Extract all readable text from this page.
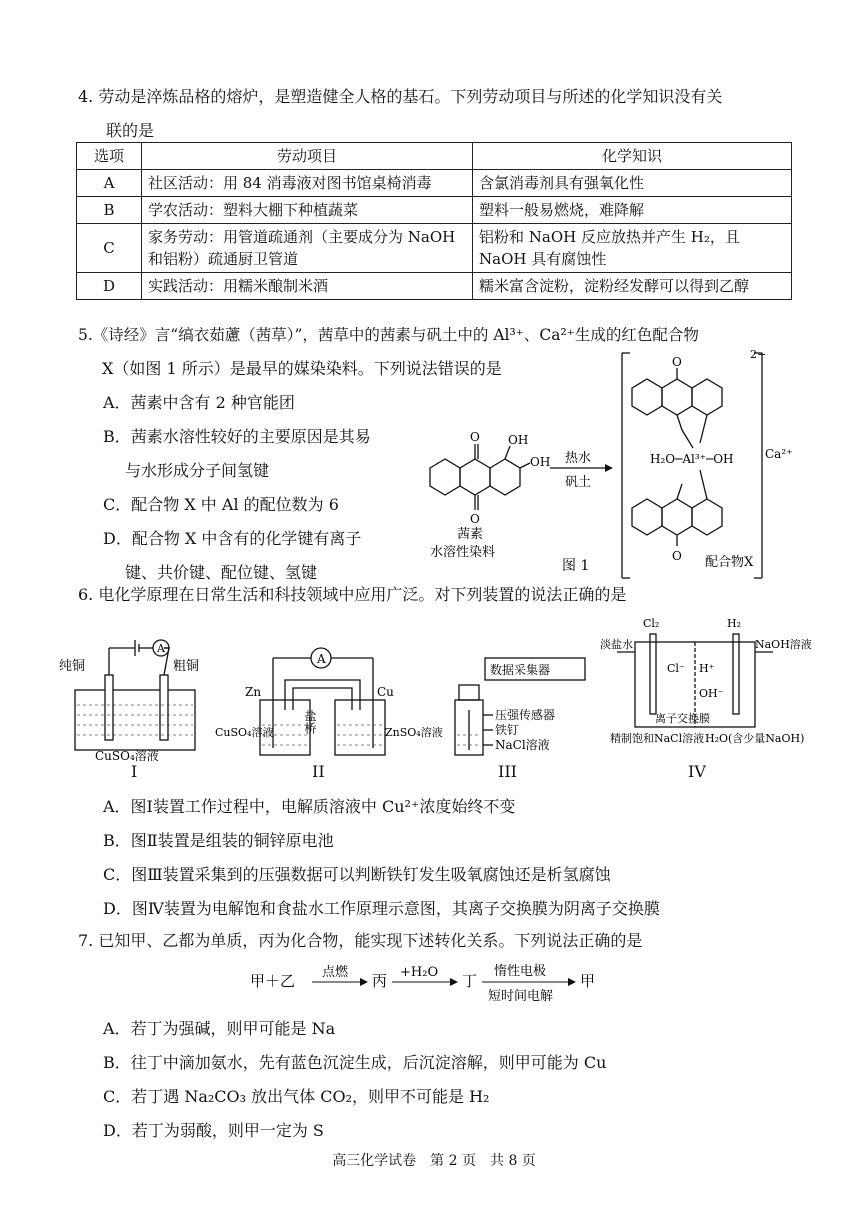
4. 劳动是淬炼品格的熔炉，是塑造健全人格的基石。下列劳动项目与所述的化学知识没有关
联的是
选项	劳动项目	化学知识
A	社区活动：用 84 消毒液对图书馆桌椅消毒	含氯消毒剂具有强氧化性
B	学农活动：塑料大棚下种植蔬菜	塑料一般易燃烧，难降解
C	家务劳动：用管道疏通剂（主要成分为 NaOH 和铝粉）疏通厨卫管道	铝粉和 NaOH 反应放热并产生 H₂，且 NaOH 具有腐蚀性
D	实践活动：用糯米酿制米酒	糯米富含淀粉，淀粉经发酵可以得到乙醇
5.《诗经》言“缟衣茹藘（茜草）”，茜草中的茜素与矾土中的 Al³⁺、Ca²⁺生成的红色配合物
X（如图 1 所示）是最早的媒染染料。下列说法错误的是
A．茜素中含有 2 种官能团
B．茜素水溶性较好的主要原因是其易
与水形成分子间氢键
C．配合物 X 中 Al 的配位数为 6
D．配合物 X 中含有的化学键有离子
键、共价键、配位键、氢键
O
O
OH
OH
茜素
水溶性染料
热水
矾土
O
O
H₂O─Al³⁺─OH
2−
Ca²⁺
图 1	配合物X
6. 电化学原理在日常生活和科技领域中应用广泛。对下列装置的说法正确的是
A
纯铜	粗铜
CuSO₄溶液
I
A
Zn	Cu
盐桥
CuSO₄溶液	ZnSO₄溶液
II
数据采集器
压强传感器
铁钉
NaCl溶液
III
Cl₂	H₂
淡盐水	NaOH溶液
Cl⁻ H⁺
OH⁻
离子交换膜
精制饱和NaCl溶液 H₂O(含少量NaOH)
IV
A．图Ⅰ装置工作过程中，电解质溶液中 Cu²⁺浓度始终不变
B．图Ⅱ装置是组装的铜锌原电池
C．图Ⅲ装置采集到的压强数据可以判断铁钉发生吸氧腐蚀还是析氢腐蚀
D．图Ⅳ装置为电解饱和食盐水工作原理示意图，其离子交换膜为阴离子交换膜
7. 已知甲、乙都为单质，丙为化合物，能实现下述转化关系。下列说法正确的是
甲＋乙 点燃 丙 +H₂O 丁
惰性电极
短时间电解
甲
A．若丁为强碱，则甲可能是 Na
B．往丁中滴加氨水，先有蓝色沉淀生成，后沉淀溶解，则甲可能为 Cu
C．若丁遇 Na₂CO₃ 放出气体 CO₂，则甲不可能是 H₂
D．若丁为弱酸，则甲一定为 S
高三化学试卷　第 2 页　共 8 页
